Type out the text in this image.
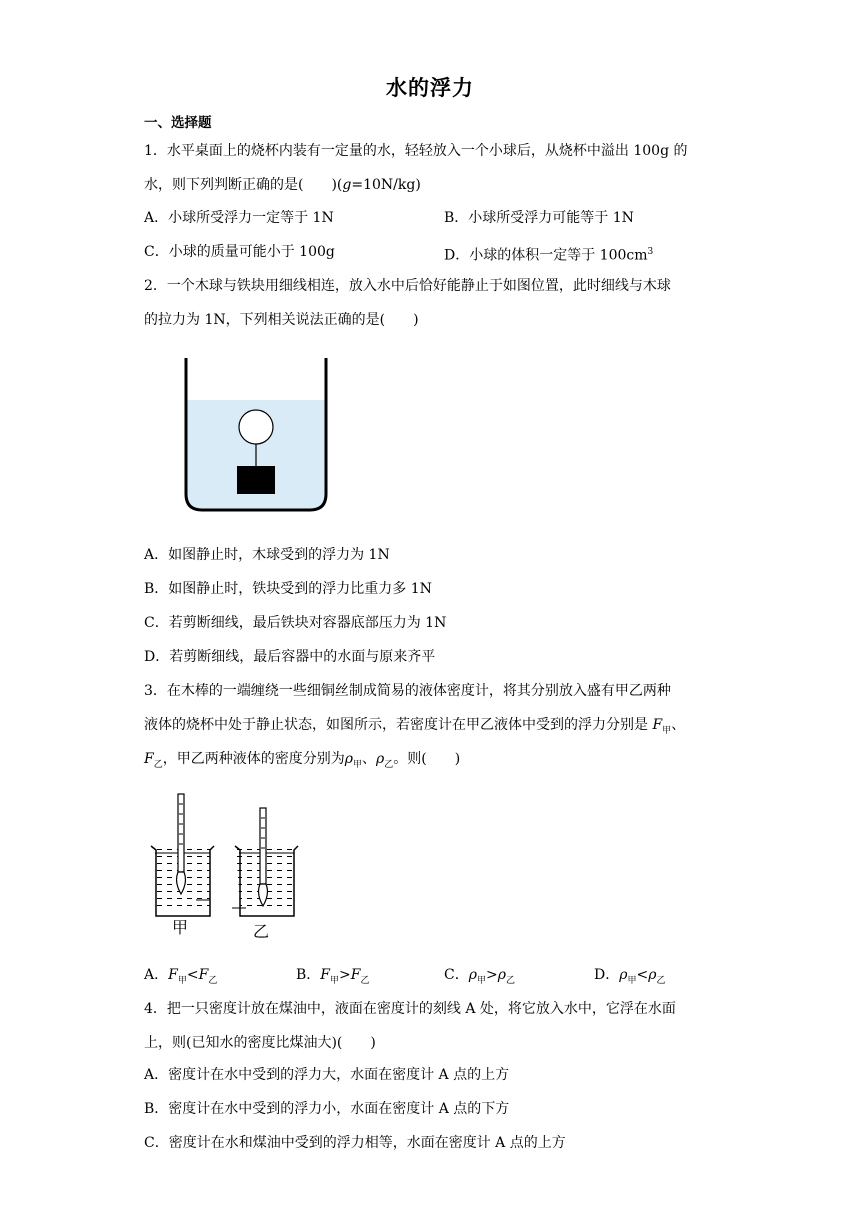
水的浮力
一、选择题
1．水平桌面上的烧杯内装有一定量的水，轻轻放入一个小球后，从烧杯中溢出 100g 的
水，则下列判断正确的是(　　)(g=10N/kg)
A．小球所受浮力一定等于 1N	B．小球所受浮力可能等于 1N
C．小球的质量可能小于 100g	D．小球的体积一定等于 $100cm^3$
2．一个木球与铁块用细线相连，放入水中后恰好能静止于如图位置，此时细线与木球
的拉力为 1N，下列相关说法正确的是(　　)
A．如图静止时，木球受到的浮力为 1N
B．如图静止时，铁块受到的浮力比重力多 1N
C．若剪断细线，最后铁块对容器底部压力为 1N
D．若剪断细线，最后容器中的水面与原来齐平
3．在木棒的一端缠绕一些细铜丝制成简易的液体密度计，将其分别放入盛有甲乙两种
液体的烧杯中处于静止状态，如图所示，若密度计在甲乙液体中受到的浮力分别是 $F_甲$、
$F_乙$，甲乙两种液体的密度分别为$\rho_甲$、$\rho_乙$。则(　　)
甲	乙
A．$F_甲<F_乙$	B．$F_甲>F_乙$	C．$\rho_甲>\rho_乙$	D．$\rho_甲<\rho_乙$
4．把一只密度计放在煤油中，液面在密度计的刻线 A 处，将它放入水中，它浮在水面
上，则(已知水的密度比煤油大)(　　)
A．密度计在水中受到的浮力大，水面在密度计 A 点的上方
B．密度计在水中受到的浮力小，水面在密度计 A 点的下方
C．密度计在水和煤油中受到的浮力相等，水面在密度计 A 点的上方
